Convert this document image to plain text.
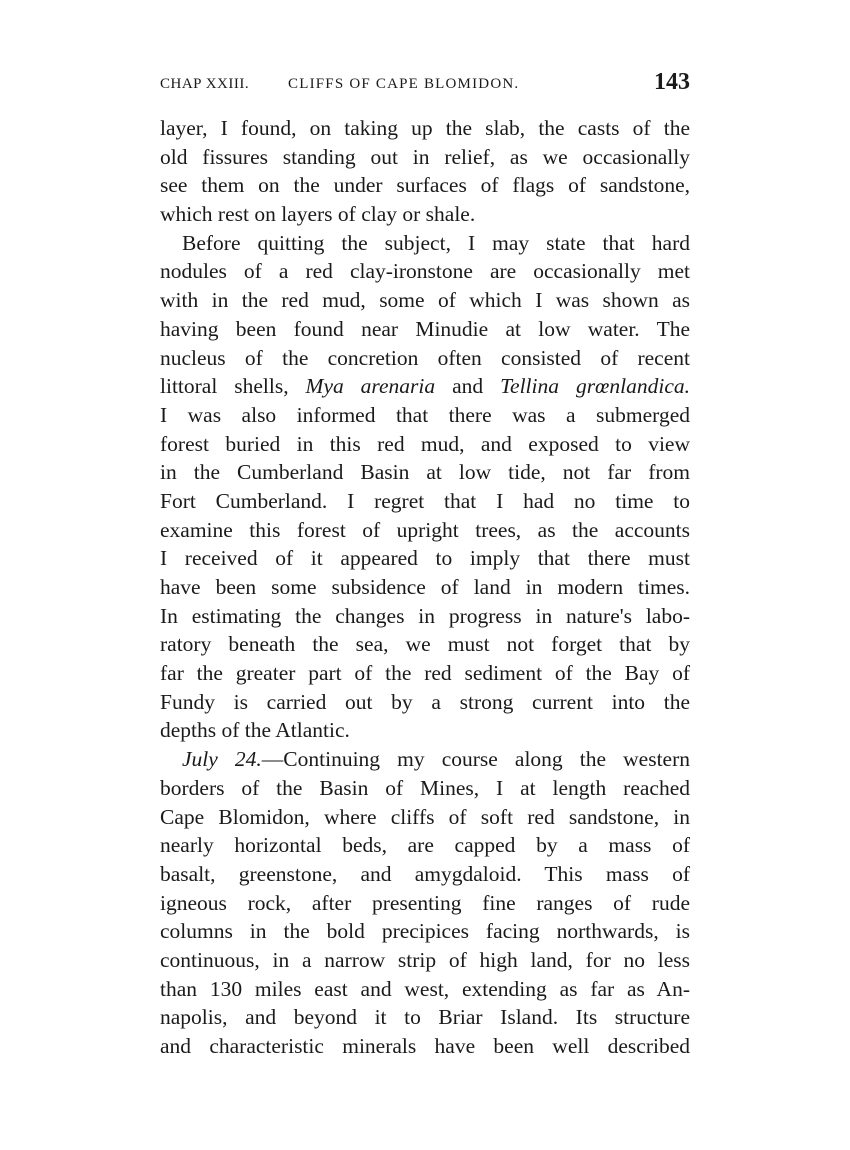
CHAP XXIII.	CLIFFS OF CAPE BLOMIDON.	143
layer, I found, on taking up the slab, the casts of the
old fissures standing out in relief, as we occasionally
see them on the under surfaces of flags of sandstone,
which rest on layers of clay or shale.
Before quitting the subject, I may state that hard
nodules of a red clay-ironstone are occasionally met
with in the red mud, some of which I was shown as
having been found near Minudie at low water. The
nucleus of the concretion often consisted of recent
littoral shells, Mya arenaria and Tellina grœnlandica.
I was also informed that there was a submerged
forest buried in this red mud, and exposed to view
in the Cumberland Basin at low tide, not far from
Fort Cumberland. I regret that I had no time to
examine this forest of upright trees, as the accounts
I received of it appeared to imply that there must
have been some subsidence of land in modern times.
In estimating the changes in progress in nature's labo-
ratory beneath the sea, we must not forget that by
far the greater part of the red sediment of the Bay of
Fundy is carried out by a strong current into the
depths of the Atlantic.
July 24.—Continuing my course along the western
borders of the Basin of Mines, I at length reached
Cape Blomidon, where cliffs of soft red sandstone, in
nearly horizontal beds, are capped by a mass of
basalt, greenstone, and amygdaloid. This mass of
igneous rock, after presenting fine ranges of rude
columns in the bold precipices facing northwards, is
continuous, in a narrow strip of high land, for no less
than 130 miles east and west, extending as far as An-
napolis, and beyond it to Briar Island. Its structure
and characteristic minerals have been well described
